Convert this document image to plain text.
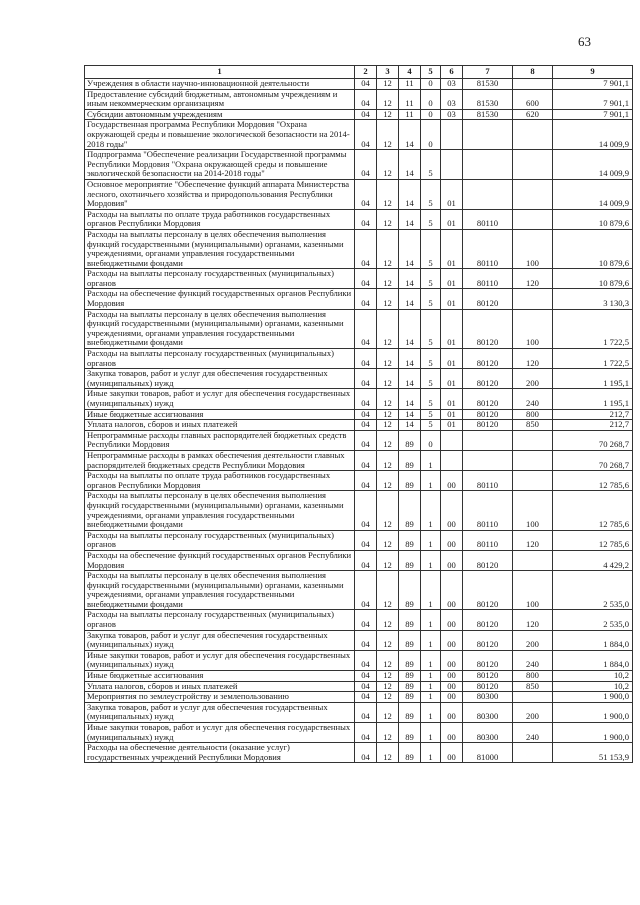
63
1	2	3	4	5	6	7	8	9
Учреждения в области научно-инновационной деятельности	04	12	11	0	03	81530		7 901,1
Предоставление субсидий бюджетным, автономным учреждениям и иным некоммерческим организациям	04	12	11	0	03	81530	600	7 901,1
Субсидии автономным учреждениям	04	12	11	0	03	81530	620	7 901,1
Государственная программа Республики Мордовия "Охрана окружающей среды и повышение экологической безопасности на 2014-2018 годы"	04	12	14	0				14 009,9
Подпрограмма "Обеспечение реализации Государственной программы Республики Мордовия "Охрана окружающей среды и повышение экологической безопасности на 2014-2018 годы"	04	12	14	5				14 009,9
Основное мероприятие "Обеспечение функций аппарата Министерства лесного, охотничьего хозяйства и природопользования Республики Мордовия"	04	12	14	5	01			14 009,9
Расходы на выплаты по оплате труда работников государственных органов Республики Мордовия	04	12	14	5	01	80110		10 879,6
Расходы на выплаты персоналу в целях обеспечения выполнения функций государственными (муниципальными) органами, казенными учреждениями, органами управления государственными внебюджетными фондами	04	12	14	5	01	80110	100	10 879,6
Расходы на выплаты персоналу государственных (муниципальных) органов	04	12	14	5	01	80110	120	10 879,6
Расходы на обеспечение функций государственных органов Республики Мордовия	04	12	14	5	01	80120		3 130,3
Расходы на выплаты персоналу в целях обеспечения выполнения функций государственными (муниципальными) органами, казенными учреждениями, органами управления государственными внебюджетными фондами	04	12	14	5	01	80120	100	1 722,5
Расходы на выплаты персоналу государственных (муниципальных) органов	04	12	14	5	01	80120	120	1 722,5
Закупка товаров, работ и услуг для обеспечения государственных (муниципальных) нужд	04	12	14	5	01	80120	200	1 195,1
Иные закупки товаров, работ и услуг для обеспечения государственных (муниципальных) нужд	04	12	14	5	01	80120	240	1 195,1
Иные бюджетные ассигнования	04	12	14	5	01	80120	800	212,7
Уплата налогов, сборов и иных платежей	04	12	14	5	01	80120	850	212,7
Непрограммные расходы главных распорядителей бюджетных средств Республики Мордовия	04	12	89	0				70 268,7
Непрограммные расходы в рамках обеспечения деятельности главных распорядителей бюджетных средств Республики Мордовия	04	12	89	1				70 268,7
Расходы на выплаты по оплате труда работников государственных органов Республики Мордовия	04	12	89	1	00	80110		12 785,6
Расходы на выплаты персоналу в целях обеспечения выполнения функций государственными (муниципальными) органами, казенными учреждениями, органами управления государственными внебюджетными фондами	04	12	89	1	00	80110	100	12 785,6
Расходы на выплаты персоналу государственных (муниципальных) органов	04	12	89	1	00	80110	120	12 785,6
Расходы на обеспечение функций государственных органов Республики Мордовия	04	12	89	1	00	80120		4 429,2
Расходы на выплаты персоналу в целях обеспечения выполнения функций государственными (муниципальными) органами, казенными учреждениями, органами управления государственными внебюджетными фондами	04	12	89	1	00	80120	100	2 535,0
Расходы на выплаты персоналу государственных (муниципальных) органов	04	12	89	1	00	80120	120	2 535,0
Закупка товаров, работ и услуг для обеспечения государственных (муниципальных) нужд	04	12	89	1	00	80120	200	1 884,0
Иные закупки товаров, работ и услуг для обеспечения государственных (муниципальных) нужд	04	12	89	1	00	80120	240	1 884,0
Иные бюджетные ассигнования	04	12	89	1	00	80120	800	10,2
Уплата налогов, сборов и иных платежей	04	12	89	1	00	80120	850	10,2
Мероприятия по землеустройству и землепользованию	04	12	89	1	00	80300		1 900,0
Закупка товаров, работ и услуг для обеспечения государственных (муниципальных) нужд	04	12	89	1	00	80300	200	1 900,0
Иные закупки товаров, работ и услуг для обеспечения государственных (муниципальных) нужд	04	12	89	1	00	80300	240	1 900,0
Расходы на обеспечение деятельности (оказание услуг) государственных учреждений Республики Мордовия	04	12	89	1	00	81000		51 153,9
